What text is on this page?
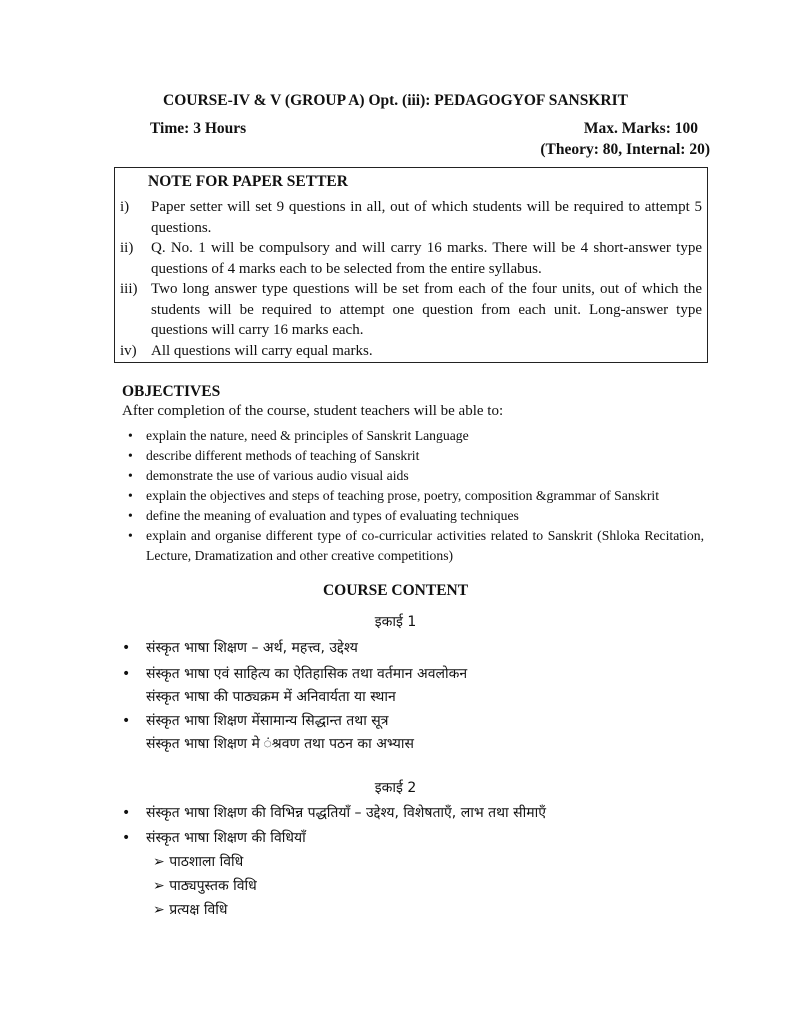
COURSE-IV & V (GROUP A) Opt. (iii): PEDAGOGYOF SANSKRIT
Time: 3 Hours	Max. Marks: 100
(Theory: 80, Internal: 20)
NOTE FOR PAPER SETTER
i) Paper setter will set 9 questions in all, out of which students will be required to attempt 5 questions.
ii) Q. No. 1 will be compulsory and will carry 16 marks. There will be 4 short-answer type questions of 4 marks each to be selected from the entire syllabus.
iii) Two long answer type questions will be set from each of the four units, out of which the students will be required to attempt one question from each unit. Long-answer type questions will carry 16 marks each.
iv) All questions will carry equal marks.
OBJECTIVES
After completion of the course, student teachers will be able to:
• explain the nature, need & principles of Sanskrit Language
• describe different methods of teaching of Sanskrit
• demonstrate the use of various audio visual aids
• explain the objectives and steps of teaching prose, poetry, composition &grammar of Sanskrit
• define the meaning of evaluation and types of evaluating techniques
• explain and organise different type of co-curricular activities related to Sanskrit (Shloka Recitation, Lecture, Dramatization and other creative competitions)
COURSE CONTENT
इकाई 1
• संस्कृत भाषा शिक्षण – अर्थ, महत्त्व, उद्देश्य
• संस्कृत भाषा एवं साहित्य का ऐतिहासिक तथा वर्तमान अवलोकन
संस्कृत भाषा की पाठ्यक्रम में अनिवार्यता या स्थान
• संस्कृत भाषा शिक्षण मेंसामान्य सिद्धान्त तथा सूत्र
संस्कृत भाषा शिक्षण मे ंश्रवण तथा पठन का अभ्यास
इकाई 2
• संस्कृत भाषा शिक्षण की विभिन्न पद्धतियाँ – उद्देश्य, विशेषताएँ, लाभ तथा सीमाएँ
• संस्कृत भाषा शिक्षण की विधियाँ
➢ पाठशाला विधि
➢ पाठ्यपुस्तक विधि
➢ प्रत्यक्ष विधि
